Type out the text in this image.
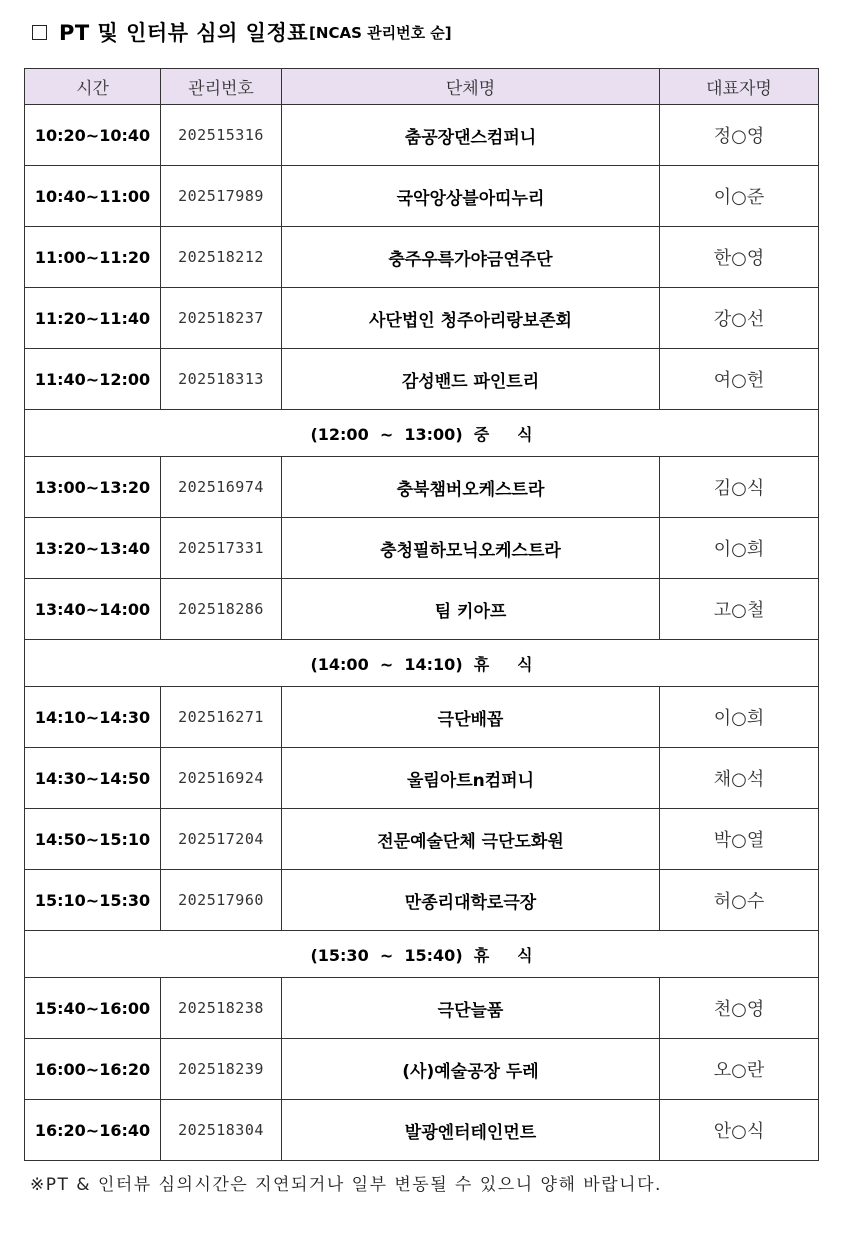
PT 및 인터뷰 심의 일정표 [NCAS 관리번호 순]
시간	관리번호	단체명	대표자명
10:20~10:40	202515316	춤공장댄스컴퍼니	정○영
10:40~11:00	202517989	국악앙상블아띠누리	이○준
11:00~11:20	202518212	충주우륵가야금연주단	한○영
11:20~11:40	202518237	사단법인 청주아리랑보존회	강○선
11:40~12:00	202518313	감성밴드 파인트리	여○헌
(12:00  ~  13:00)  중     식			
13:00~13:20	202516974	충북챔버오케스트라	김○식
13:20~13:40	202517331	충청필하모닉오케스트라	이○희
13:40~14:00	202518286	팀 키아프	고○철
(14:00  ~  14:10)  휴     식			
14:10~14:30	202516271	극단배꼽	이○희
14:30~14:50	202516924	울림아트n컴퍼니	채○석
14:50~15:10	202517204	전문예술단체 극단도화원	박○열
15:10~15:30	202517960	만종리대학로극장	허○수
(15:30  ~  15:40)  휴     식			
15:40~16:00	202518238	극단늘품	천○영
16:00~16:20	202518239	(사)예술공장 두레	오○란
16:20~16:40	202518304	발광엔터테인먼트	안○식
※PT & 인터뷰 심의시간은 지연되거나 일부 변동될 수 있으니 양해 바랍니다.
